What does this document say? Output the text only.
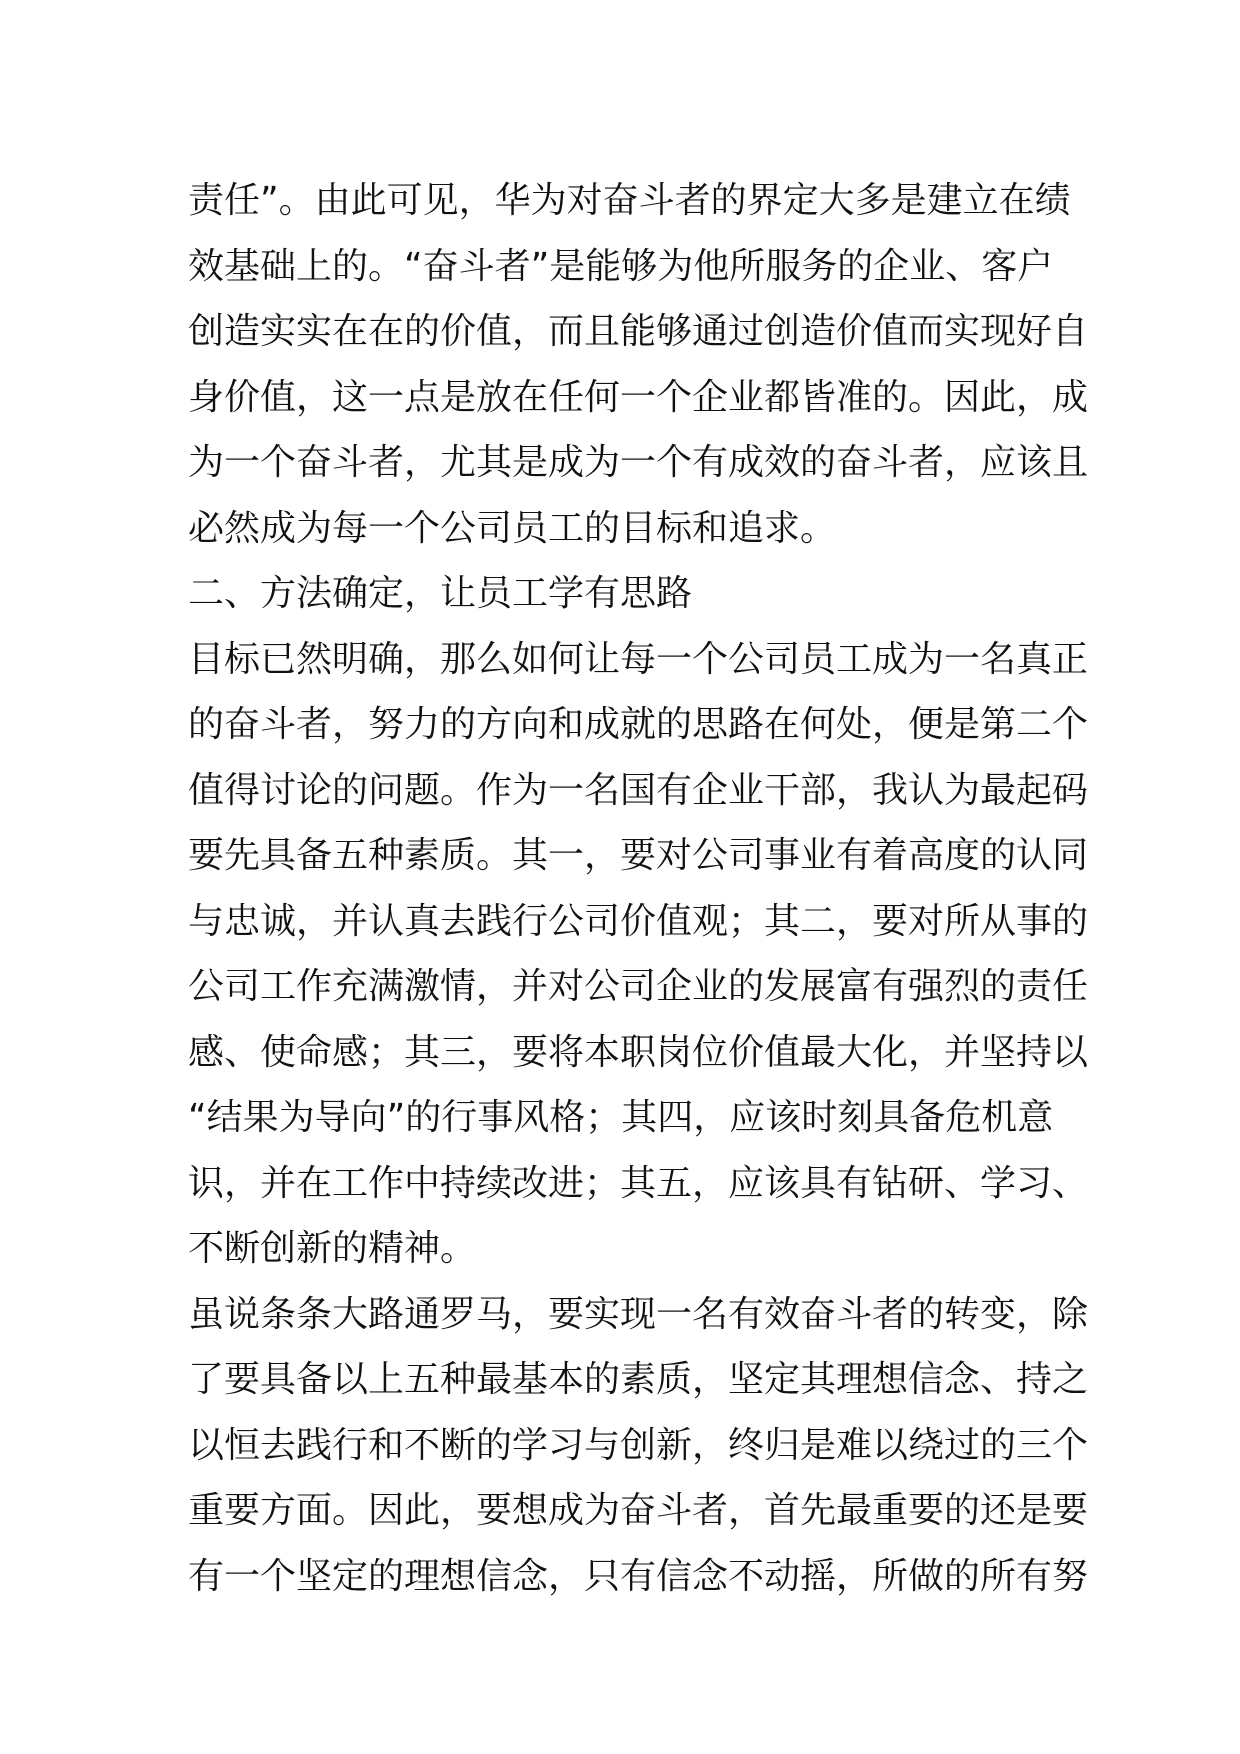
责任”。由此可见，华为对奋斗者的界定大多是建立在绩
效基础上的。“奋斗者”是能够为他所服务的企业、客户
创造实实在在的价值，而且能够通过创造价值而实现好自
身价值，这一点是放在任何一个企业都皆准的。因此，成
为一个奋斗者，尤其是成为一个有成效的奋斗者，应该且
必然成为每一个公司员工的目标和追求。
二、方法确定，让员工学有思路
目标已然明确，那么如何让每一个公司员工成为一名真正
的奋斗者，努力的方向和成就的思路在何处，便是第二个
值得讨论的问题。作为一名国有企业干部，我认为最起码
要先具备五种素质。其一，要对公司事业有着高度的认同
与忠诚，并认真去践行公司价值观；其二，要对所从事的
公司工作充满激情，并对公司企业的发展富有强烈的责任
感、使命感；其三，要将本职岗位价值最大化，并坚持以
“结果为导向”的行事风格；其四，应该时刻具备危机意
识，并在工作中持续改进；其五，应该具有钻研、学习、
不断创新的精神。
虽说条条大路通罗马，要实现一名有效奋斗者的转变，除
了要具备以上五种最基本的素质，坚定其理想信念、持之
以恒去践行和不断的学习与创新，终归是难以绕过的三个
重要方面。因此，要想成为奋斗者，首先最重要的还是要
有一个坚定的理想信念，只有信念不动摇，所做的所有努
